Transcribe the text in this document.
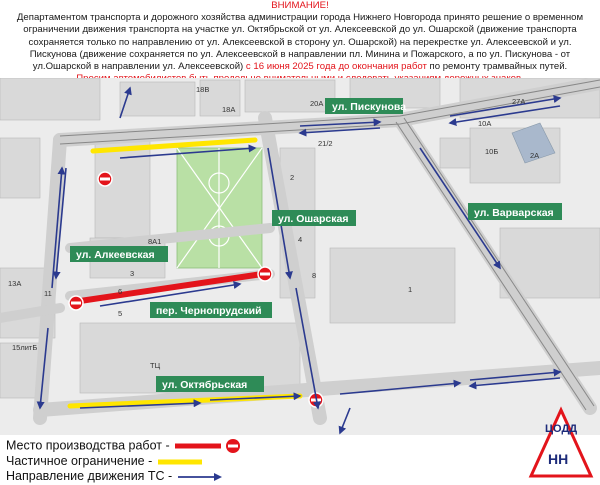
ВНИМАНИЕ!

Департаментом транспорта и дорожного хозяйства администрации города Нижнего Новгорода принято решение о временном

ограничении движения транспорта на участке ул. Октябрьской от ул. Алексеевской до ул. Ошарской (движение транспорта

сохраняется только по направлению от ул. Алексеевской в сторону ул. Ошарской) на перекрестке ул. Алексеевской и ул.

Пискунова (движение сохраняется по ул. Алексеевской в направлении пл. Минина и Пожарского, а по ул. Пискунова - от

ул.Ошарской в направлении ул. Алексеевской) с 16 июня 2025 года до окончания работ по ремонту трамвайных путей.

ул. Пискунова
ул. Варварская
ул. Ошарская
ул. Алкеевская
пер. Чернопрудский
ул. Октябрьская
18В
18А
20А	27А
10А
21/2
10Б	2А
2
4
8А1
8
1
13А
11
15литБ
ТЦ
6
5
3
Место производства работ -
Частичное ограничение -
Направление движения ТС -
ЦОДД
НН
